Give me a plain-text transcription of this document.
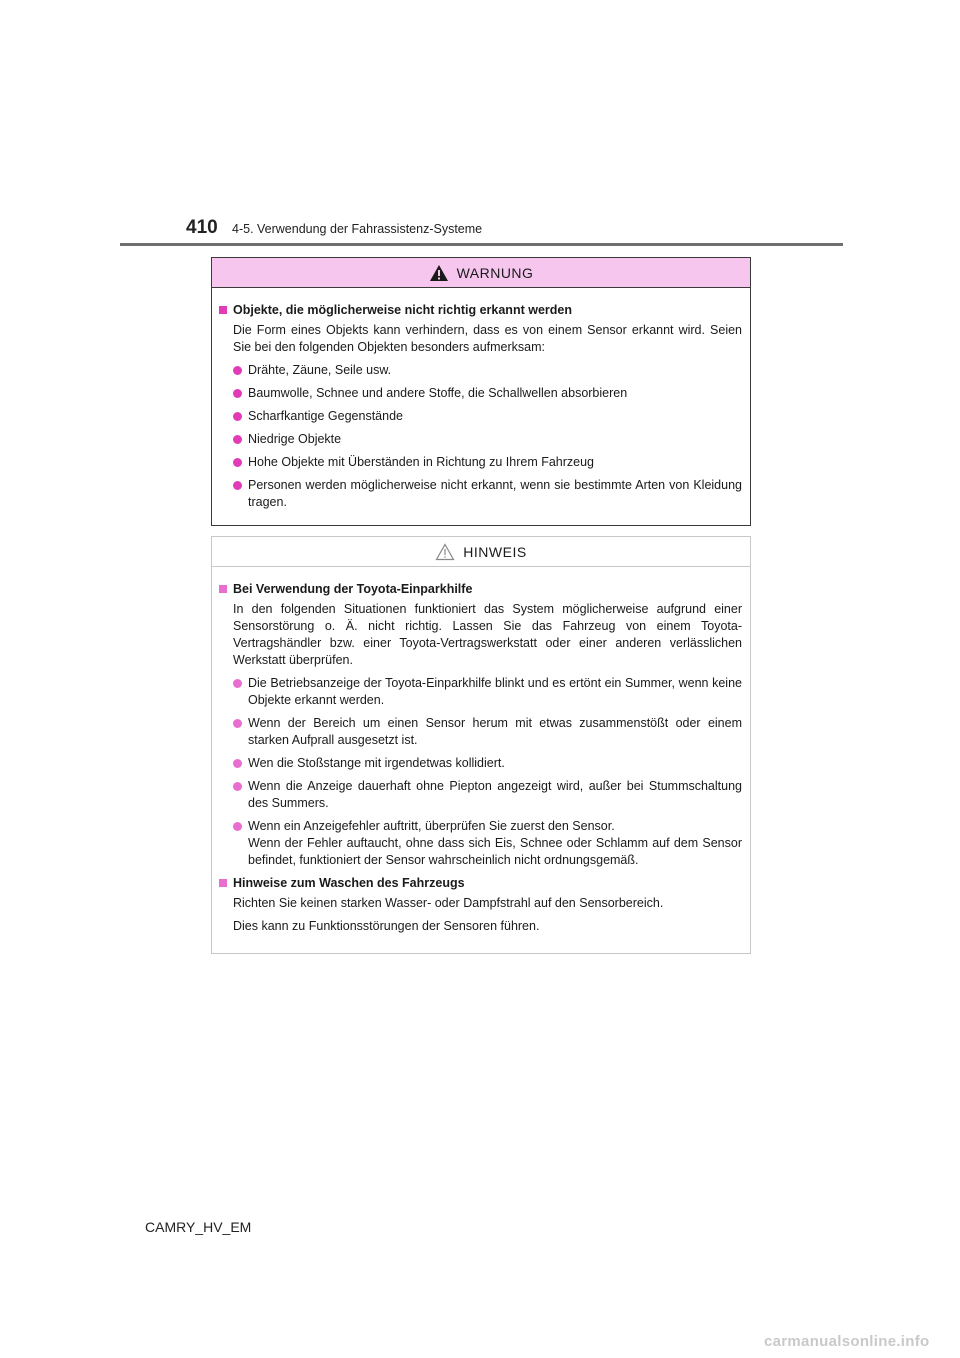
410 4-5. Verwendung der Fahrassistenz-Systeme
WARNUNG
Objekte, die möglicherweise nicht richtig erkannt werden
Die Form eines Objekts kann verhindern, dass es von einem Sensor erkannt wird. Seien Sie bei den folgenden Objekten besonders aufmerksam:
Drähte, Zäune, Seile usw.
Baumwolle, Schnee und andere Stoffe, die Schallwellen absorbieren
Scharfkantige Gegenstände
Niedrige Objekte
Hohe Objekte mit Überständen in Richtung zu Ihrem Fahrzeug
Personen werden möglicherweise nicht erkannt, wenn sie bestimmte Arten von Kleidung tragen.
HINWEIS
Bei Verwendung der Toyota-Einparkhilfe
In den folgenden Situationen funktioniert das System möglicherweise aufgrund einer Sensorstörung o. Ä. nicht richtig. Lassen Sie das Fahrzeug von einem Toyota-Vertragshändler bzw. einer Toyota-Vertragswerkstatt oder einer anderen verlässlichen Werkstatt überprüfen.
Die Betriebsanzeige der Toyota-Einparkhilfe blinkt und es ertönt ein Summer, wenn keine Objekte erkannt werden.
Wenn der Bereich um einen Sensor herum mit etwas zusammenstößt oder einem starken Aufprall ausgesetzt ist.
Wen die Stoßstange mit irgendetwas kollidiert.
Wenn die Anzeige dauerhaft ohne Piepton angezeigt wird, außer bei Stummschaltung des Summers.
Wenn ein Anzeigefehler auftritt, überprüfen Sie zuerst den Sensor.
Wenn der Fehler auftaucht, ohne dass sich Eis, Schnee oder Schlamm auf dem Sensor befindet, funktioniert der Sensor wahrscheinlich nicht ordnungsgemäß.
Hinweise zum Waschen des Fahrzeugs
Richten Sie keinen starken Wasser- oder Dampfstrahl auf den Sensorbereich.
Dies kann zu Funktionsstörungen der Sensoren führen.
CAMRY_HV_EM
carmanualsonline.info
